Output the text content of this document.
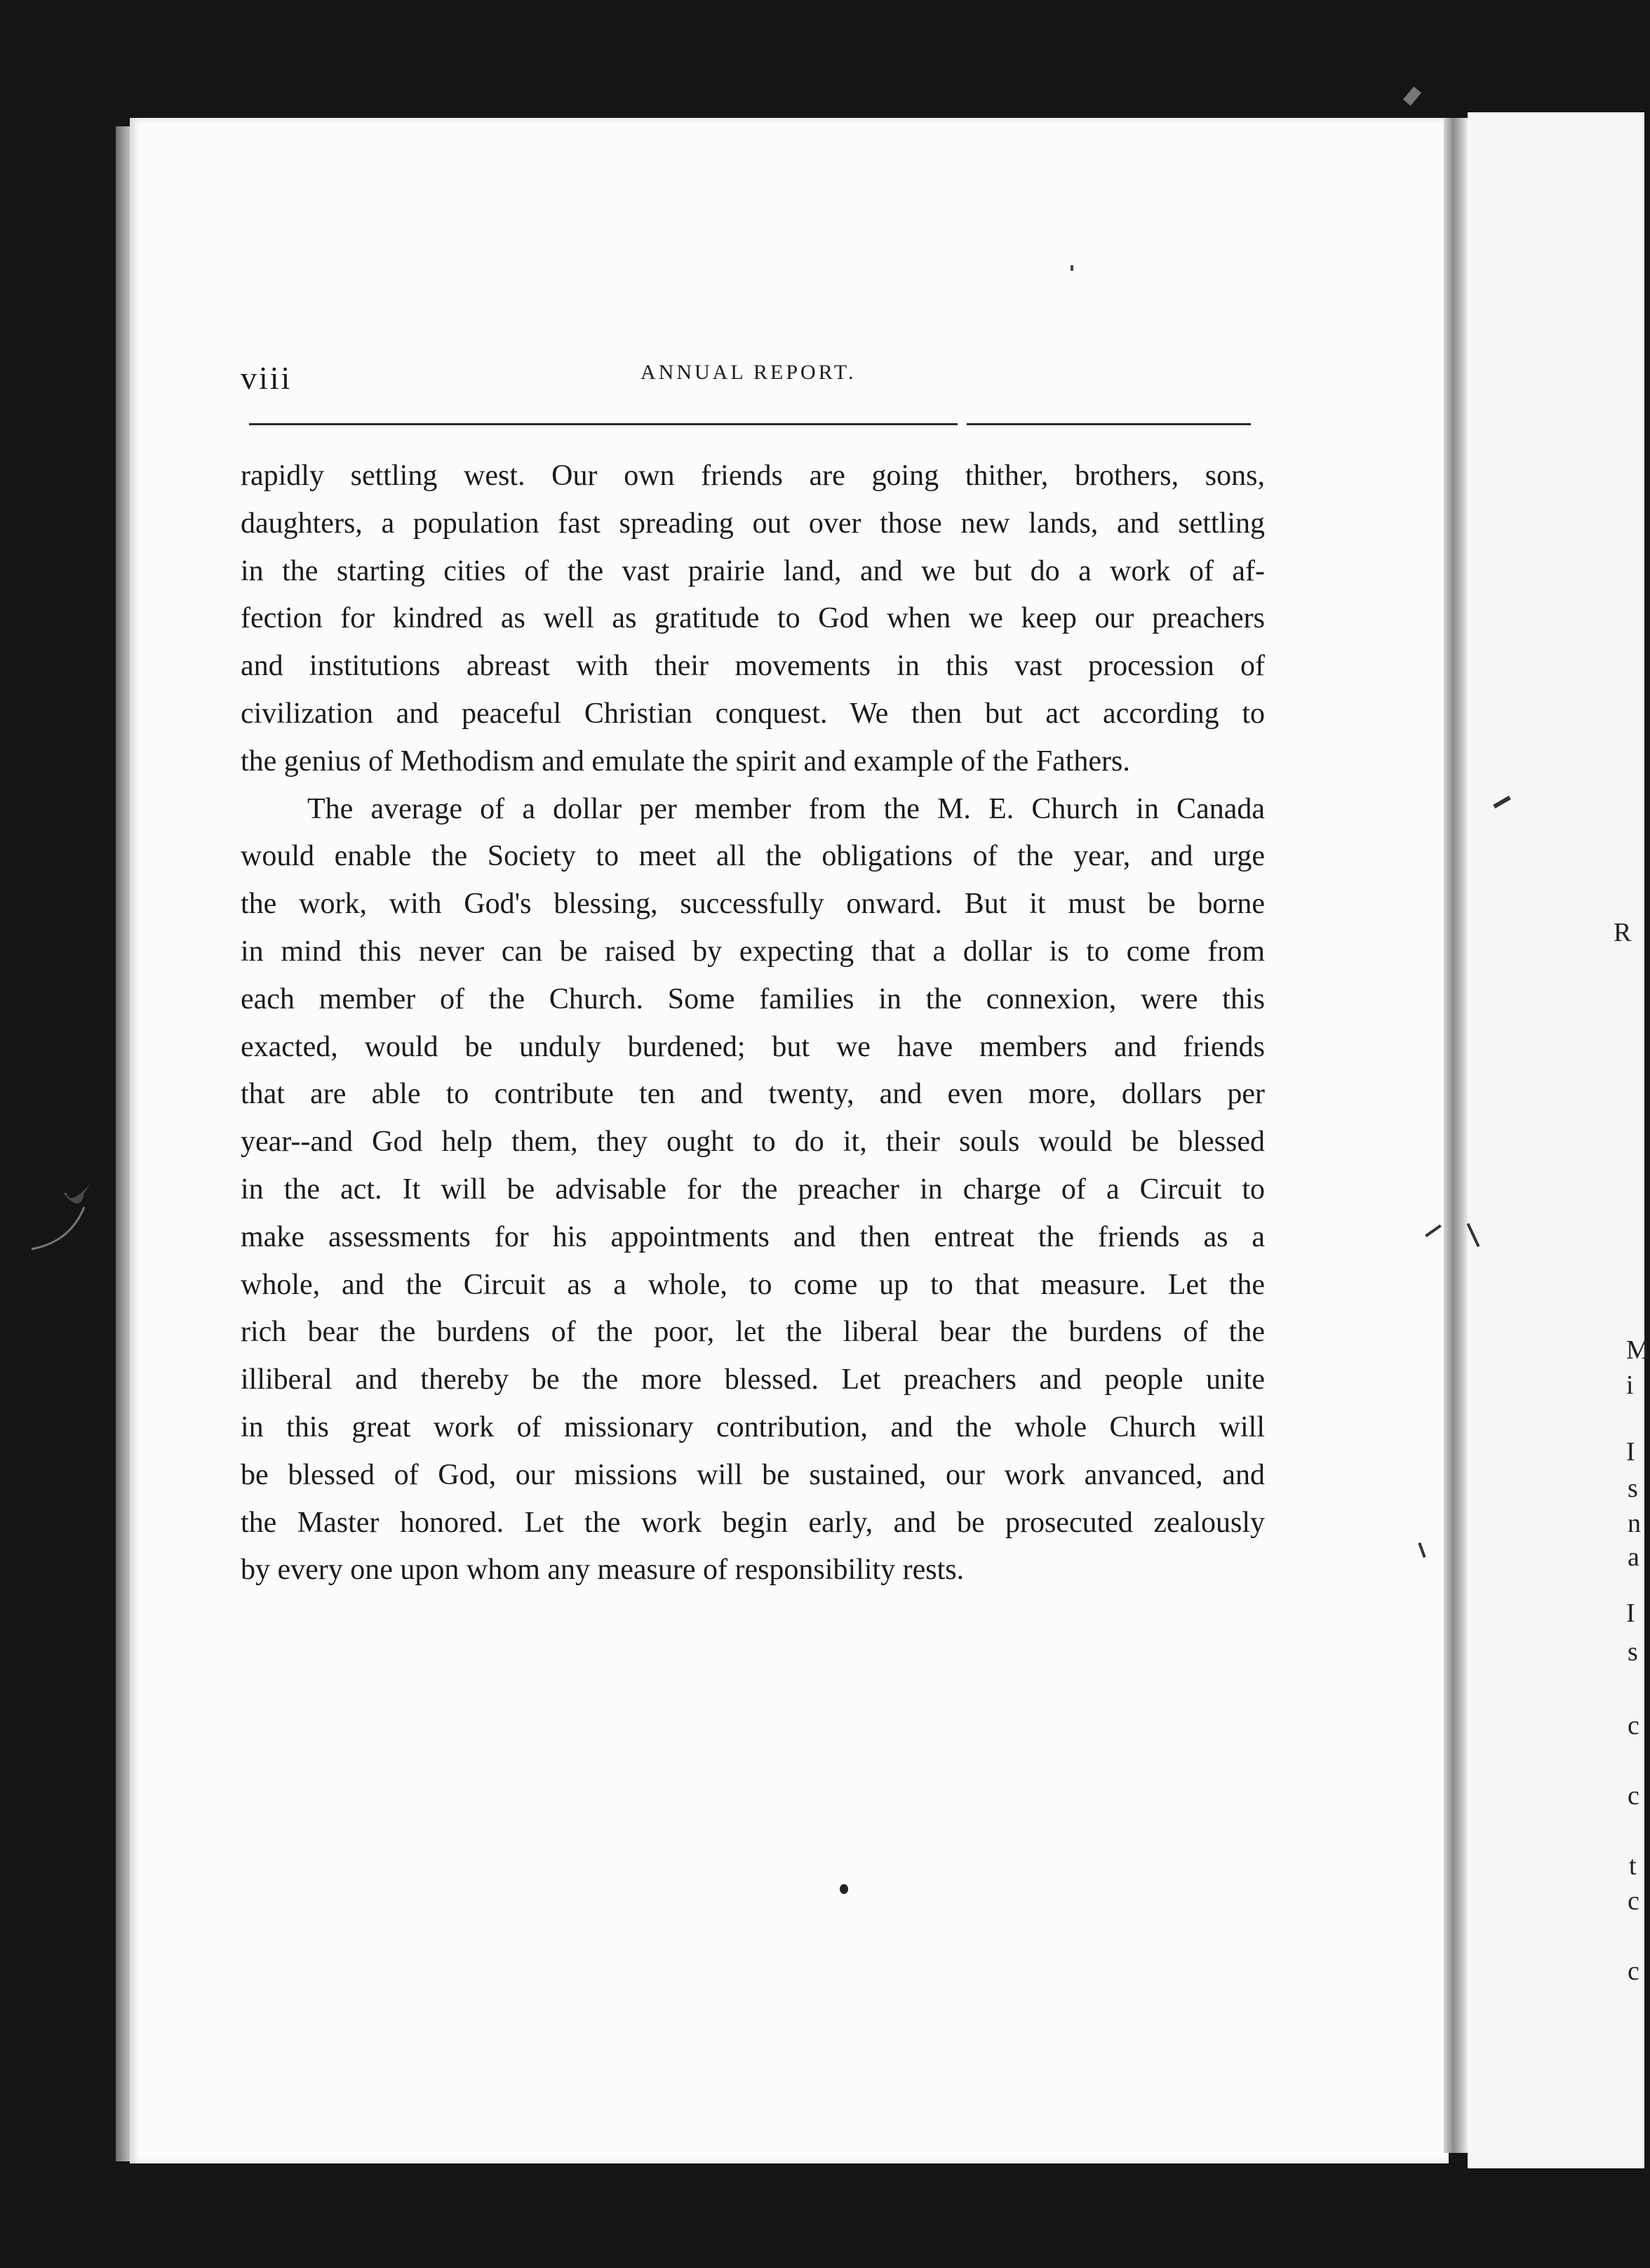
viii	ANNUAL REPORT.

rapidly settling west. Our own friends are going thither, brothers, sons,
daughters, a population fast spreading out over those new lands, and settling
in the starting cities of the vast prairie land, and we but do a work of af-
fection for kindred as well as gratitude to God when we keep our preachers
and institutions abreast with their movements in this vast procession of
civilization and peaceful Christian conquest. We then but act according to
the genius of Methodism and emulate the spirit and example of the Fathers.

The average of a dollar per member from the M. E. Church in Canada
would enable the Society to meet all the obligations of the year, and urge
the work, with God's blessing, successfully onward. But it must be borne
in mind this never can be raised by expecting that a dollar is to come from
each member of the Church. Some families in the connexion, were this
exacted, would be unduly burdened; but we have members and friends
that are able to contribute ten and twenty, and even more, dollars per
year--and God help them, they ought to do it, their souls would be blessed
in the act. It will be advisable for the preacher in charge of a Circuit to
make assessments for his appointments and then entreat the friends as a
whole, and the Circuit as a whole, to come up to that measure. Let the
rich bear the burdens of the poor, let the liberal bear the burdens of the
illiberal and thereby be the more blessed. Let preachers and people unite
in this great work of missionary contribution, and the whole Church will
be blessed of God, our missions will be sustained, our work anvanced, and
the Master honored. Let the work begin early, and be prosecuted zealously
by every one upon whom any measure of responsibility rests.

R
M
i
I
s
n
a
I
s
c
c
t
c
c
